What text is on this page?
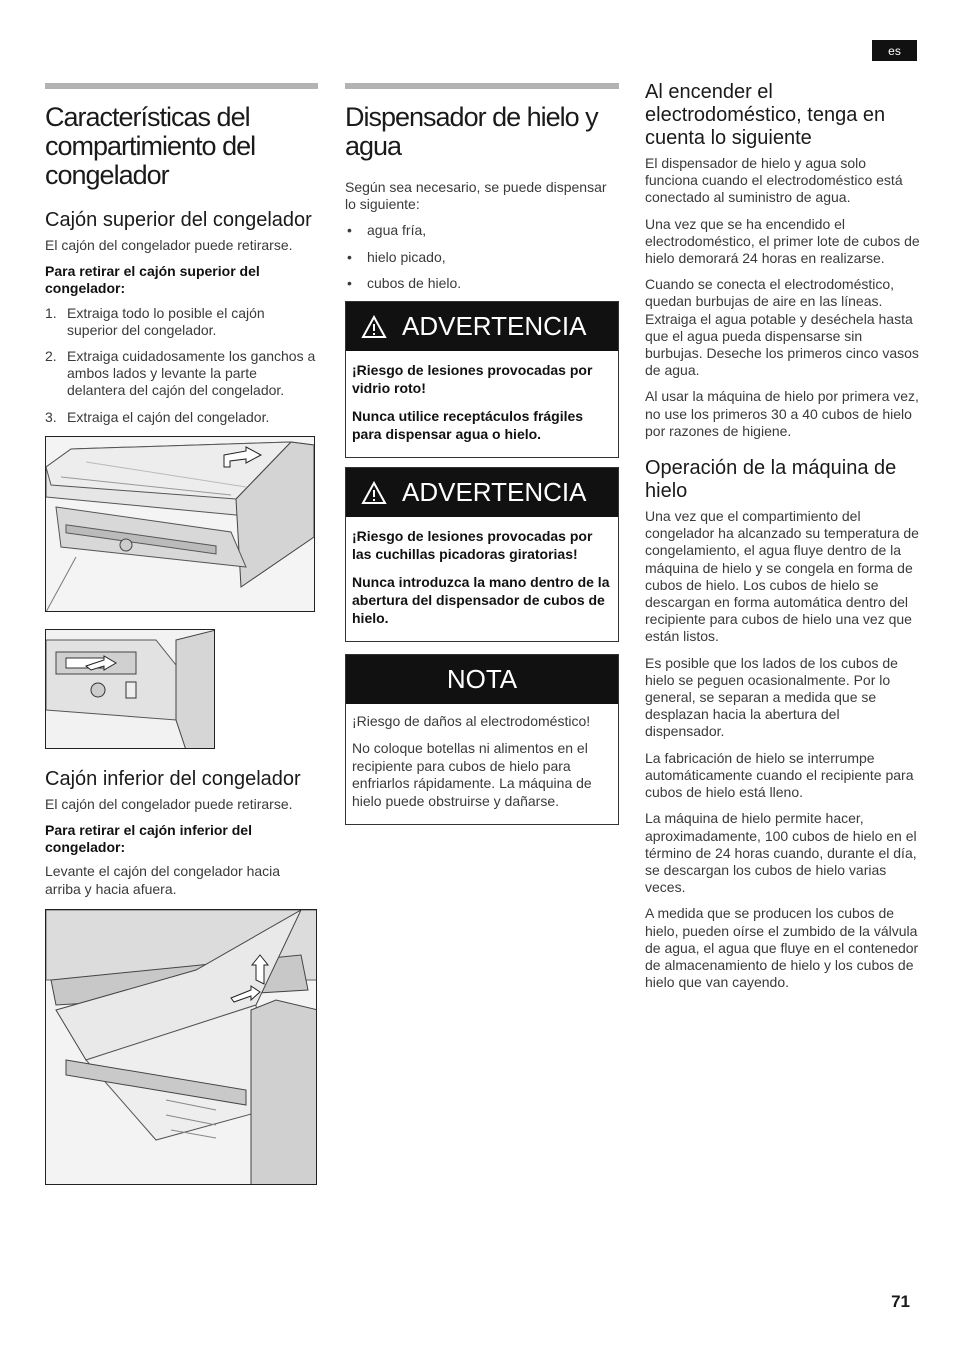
es
Características del compartimiento del congelador
Cajón superior del congelador

El cajón del congelador puede retirarse.

Para retirar el cajón superior del congelador:

1. Extraiga todo lo posible el cajón superior del congelador.
2. Extraiga cuidadosamente los ganchos a ambos lados y levante la parte delantera del cajón del congelador.
3. Extraiga el cajón del congelador.
Cajón inferior del congelador

El cajón del congelador puede retirarse.

Para retirar el cajón inferior del congelador:

Levante el cajón del congelador hacia arriba y hacia afuera.

Dispensador de hielo y agua

Según sea necesario, se puede dispensar lo siguiente:

• agua fría,
• hielo picado,
• cubos de hielo.
ADVERTENCIA

¡Riesgo de lesiones provocadas por vidrio roto!

Nunca utilice receptáculos frágiles para dispensar agua o hielo.

ADVERTENCIA

¡Riesgo de lesiones provocadas por las cuchillas picadoras giratorias!

Nunca introduzca la mano dentro de la abertura del dispensador de cubos de hielo.

NOTA

¡Riesgo de daños al electrodoméstico!

No coloque botellas ni alimentos en el recipiente para cubos de hielo para enfriarlos rápidamente. La máquina de hielo puede obstruirse y dañarse.

Al encender el electrodoméstico, tenga en cuenta lo siguiente

El dispensador de hielo y agua solo funciona cuando el electrodoméstico está conectado al suministro de agua.

Una vez que se ha encendido el electrodoméstico, el primer lote de cubos de hielo demorará 24 horas en realizarse.

Cuando se conecta el electrodoméstico, quedan burbujas de aire en las líneas.
Extraiga el agua potable y deséchela hasta que el agua pueda dispensarse sin burbujas. Deseche los primeros cinco vasos de agua.

Al usar la máquina de hielo por primera vez, no use los primeros 30 a 40 cubos de hielo por razones de higiene.

Operación de la máquina de hielo

Una vez que el compartimiento del congelador ha alcanzado su temperatura de congelamiento, el agua fluye dentro de la máquina de hielo y se congela en forma de cubos de hielo. Los cubos de hielo se descargan en forma automática dentro del recipiente para cubos de hielo una vez que están listos.

Es posible que los lados de los cubos de hielo se peguen ocasionalmente. Por lo general, se separan a medida que se desplazan hacia la abertura del dispensador.

La fabricación de hielo se interrumpe automáticamente cuando el recipiente para cubos de hielo está lleno.

La máquina de hielo permite hacer, aproximadamente, 100 cubos de hielo en el término de 24 horas cuando, durante el día, se descargan los cubos de hielo varias veces.

A medida que se producen los cubos de hielo, pueden oírse el zumbido de la válvula de agua, el agua que fluye en el contenedor de almacenamiento de hielo y los cubos de hielo que van cayendo.

71
